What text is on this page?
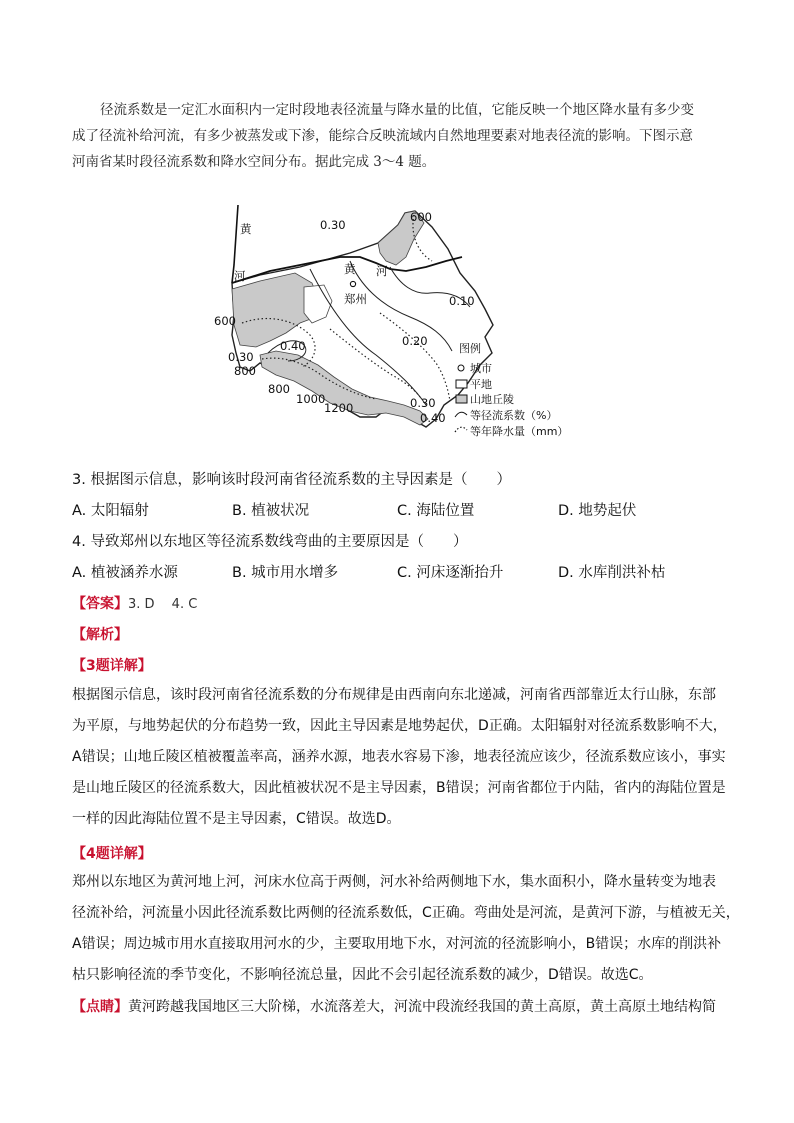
径流系数是一定汇水面积内一定时段地表径流量与降水量的比值，它能反映一个地区降水量有多少变
成了径流补给河流，有多少被蒸发或下渗，能综合反映流域内自然地理要素对地表径流的影响。下图示意
河南省某时段径流系数和降水空间分布。据此完成 3～4 题。
黄
河	黄 河
郑州
0.30
0.10
0.20
0.40
0.30
0.30
0.40
600
600
800
800
1000
1200
图例
城市
平地
山地丘陵
等径流系数（%）
等年降水量（mm）
3. 根据图示信息，影响该时段河南省径流系数的主导因素是（　　）
A. 太阳辐射	B. 植被状况	C. 海陆位置	D. 地势起伏
4. 导致郑州以东地区等径流系数线弯曲的主要原因是（　　）
A. 植被涵养水源	B. 城市用水增多	C. 河床逐渐抬升	D. 水库削洪补枯
【答案】3. D　 4. C
【解析】
【3题详解】
根据图示信息，该时段河南省径流系数的分布规律是由西南向东北递减，河南省西部靠近太行山脉，东部
为平原，与地势起伏的分布趋势一致，因此主导因素是地势起伏，D正确。太阳辐射对径流系数影响不大，
A错误；山地丘陵区植被覆盖率高，涵养水源，地表水容易下渗，地表径流应该少，径流系数应该小，事实
是山地丘陵区的径流系数大，因此植被状况不是主导因素，B错误；河南省都位于内陆，省内的海陆位置是
一样的因此海陆位置不是主导因素，C错误。故选D。
【4题详解】
郑州以东地区为黄河地上河，河床水位高于两侧，河水补给两侧地下水，集水面积小，降水量转变为地表
径流补给，河流量小因此径流系数比两侧的径流系数低，C正确。弯曲处是河流，是黄河下游，与植被无关，
A错误；周边城市用水直接取用河水的少，主要取用地下水，对河流的径流影响小，B错误；水库的削洪补
枯只影响径流的季节变化，不影响径流总量，因此不会引起径流系数的减少，D错误。故选C。
【点睛】黄河跨越我国地区三大阶梯，水流落差大，河流中段流经我国的黄土高原，黄土高原土地结构简
